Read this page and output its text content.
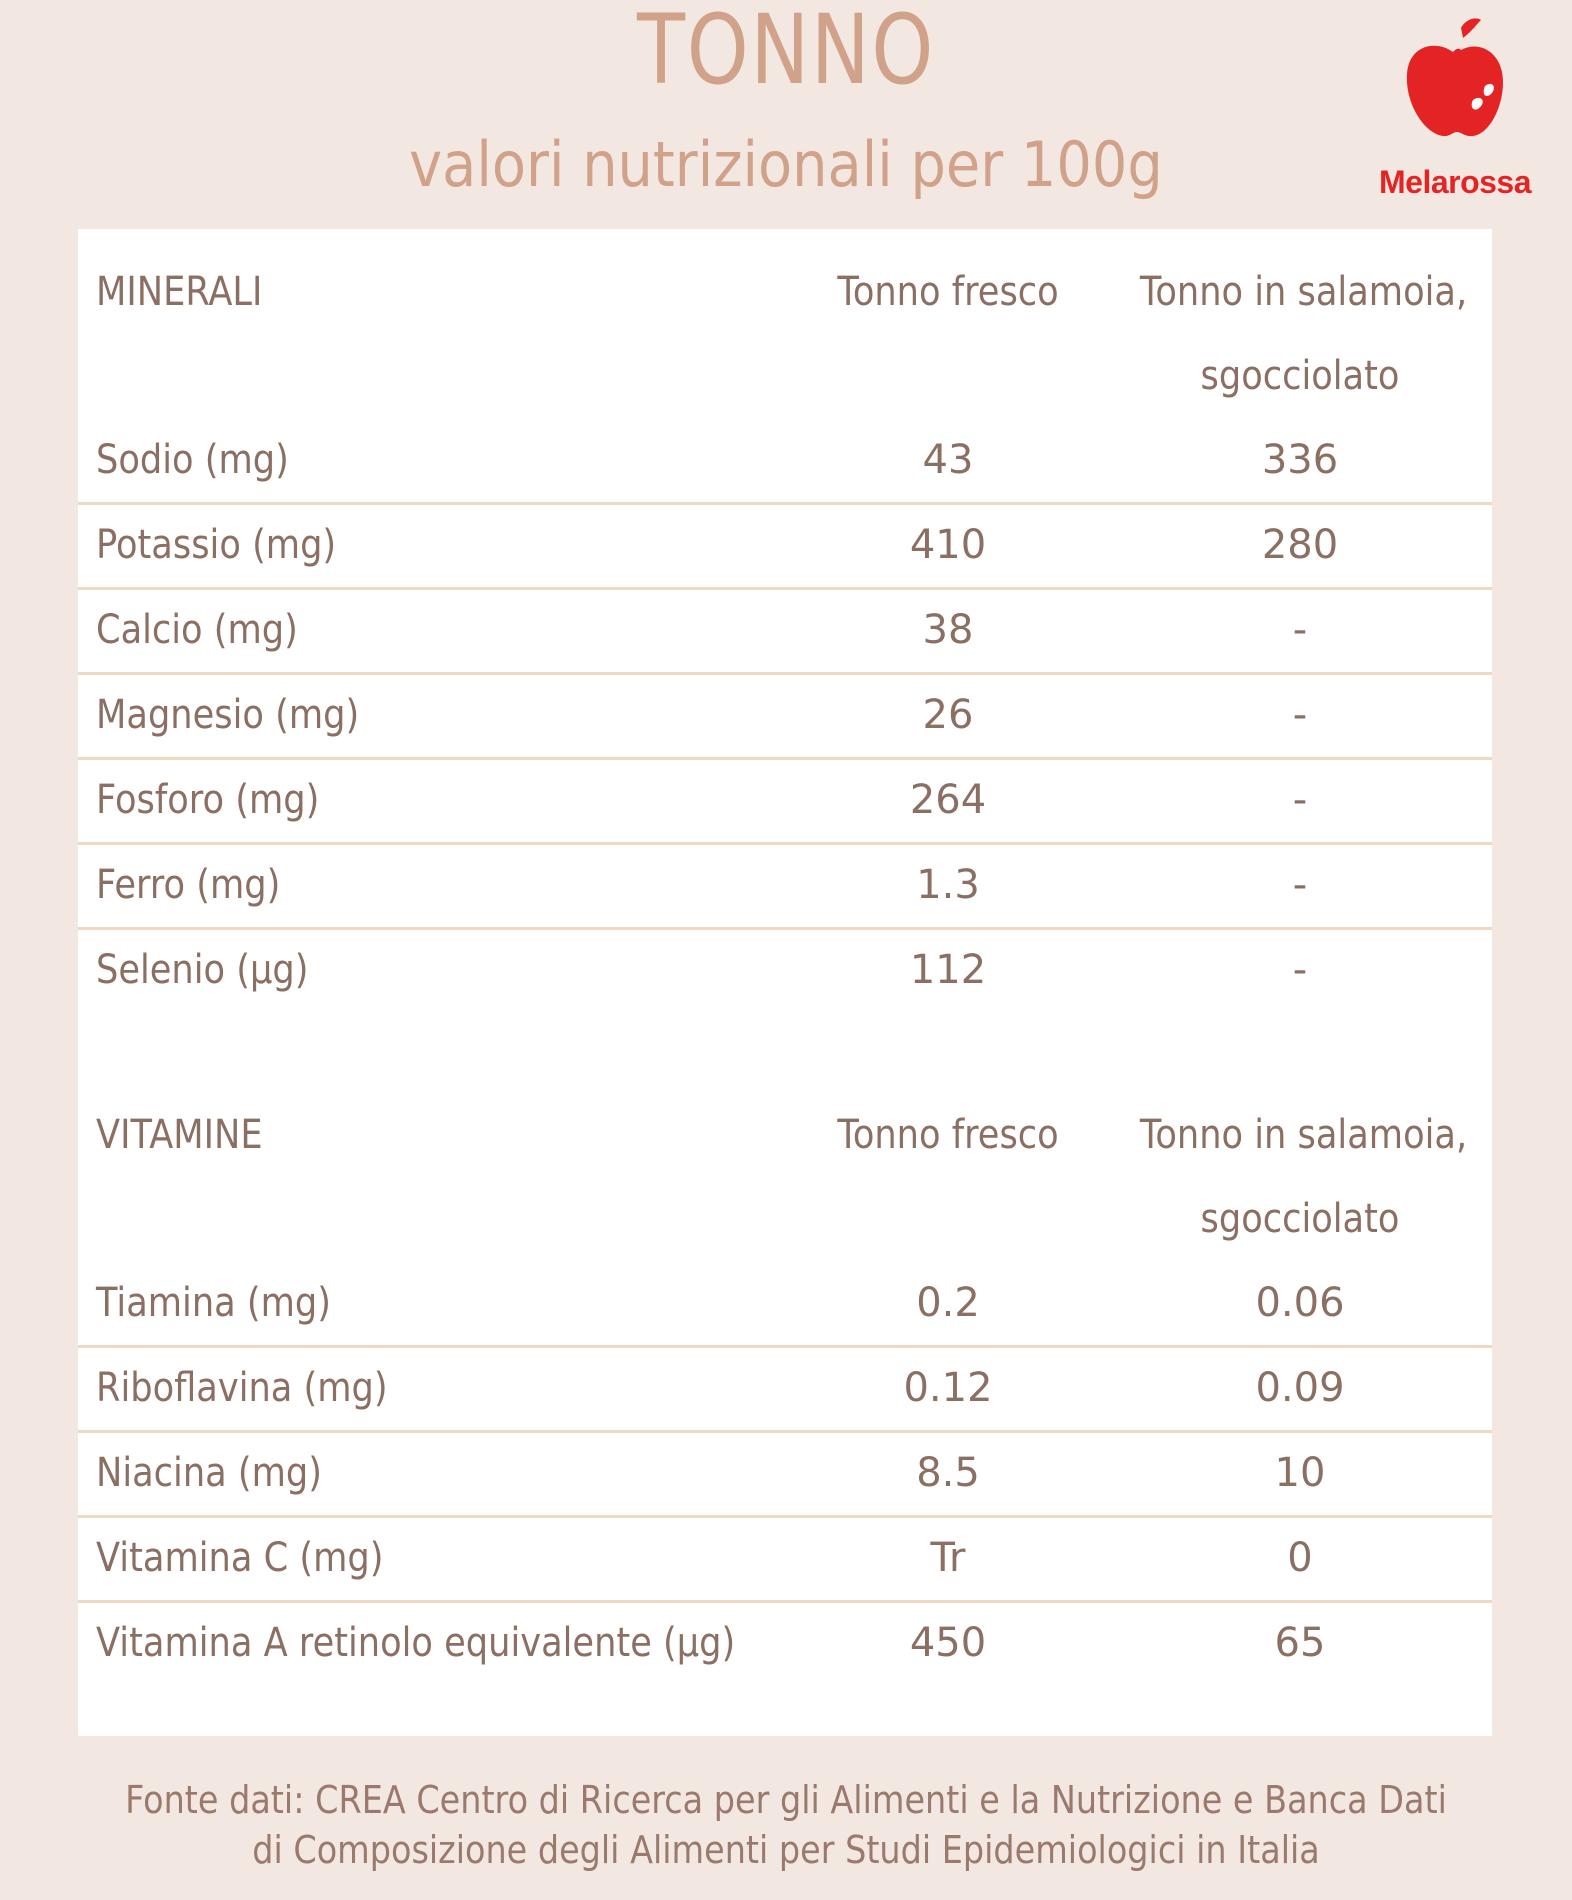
TONNO
valori nutrizionali per 100g	Melarossa
MINERALI	Tonno fresco	Tonno in salamoia,
sgocciolato
Sodio (mg)	43	336
Potassio (mg)	410	280
Calcio (mg)	38	-
Magnesio (mg)	26	-
Fosforo (mg)	264	-
Ferro (mg)	1.3	-
Selenio (µg)	112	-
VITAMINE	Tonno fresco	Tonno in salamoia,
sgocciolato
Tiamina (mg)	0.2	0.06
Riboflavina (mg)	0.12	0.09
Niacina (mg)	8.5	10
Vitamina C (mg)	Tr	0
Vitamina A retinolo equivalente (µg)	450	65
Fonte dati: CREA Centro di Ricerca per gli Alimenti e la Nutrizione e Banca Dati
di Composizione degli Alimenti per Studi Epidemiologici in Italia
